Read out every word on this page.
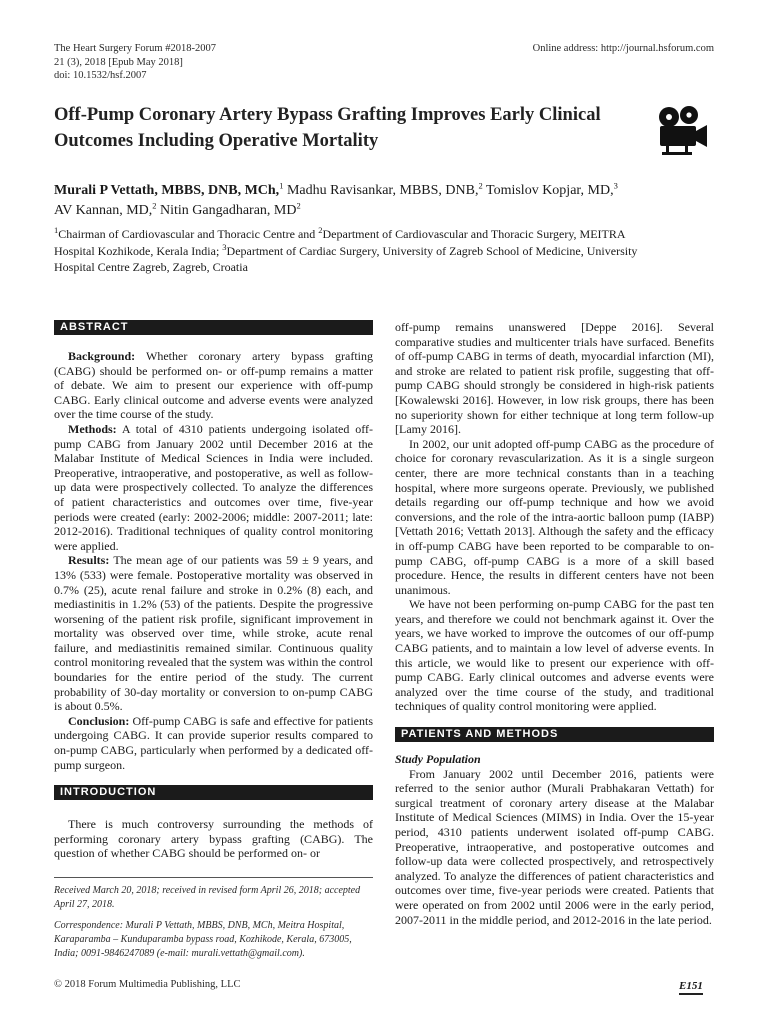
The Heart Surgery Forum #2018-2007
21 (3), 2018 [Epub May 2018]
doi: 10.1532/hsf.2007
Online address: http://journal.hsforum.com
Off-Pump Coronary Artery Bypass Grafting Improves Early Clinical
Outcomes Including Operative Mortality
Murali P Vettath, MBBS, DNB, MCh,$^1$ Madhu Ravisankar, MBBS, DNB,$^2$ Tomislov Kopjar, MD,$^3$
AV Kannan, MD,$^2$ Nitin Gangadharan, $MD^2$
$^1$Chairman of Cardiovascular and Thoracic Centre and $^2$Department of Cardiovascular and Thoracic Surgery, MEITRA
Hospital Kozhikode, Kerala India; $^3$Department of Cardiac Surgery, University of Zagreb School of Medicine, University
Hospital Centre Zagreb, Zagreb, Croatia
ABSTRACT

Background: Whether coronary artery bypass grafting (CABG) should be performed on- or off-pump remains a matter of debate. We aim to present our experience with off-pump CABG. Early clinical outcome and adverse events were analyzed over the time course of the study.

Methods: A total of 4310 patients undergoing isolated off- pump CABG from January 2002 until December 2016 at the Malabar Institute of Medical Sciences in India were included. Preoperative, intraoperative, and postoperative, as well as follow-up data were prospectively collected. To analyze the differences of patient characteristics and outcomes over time, five-year periods were created (early: 2002-2006; middle: 2007-2011; late: 2012-2016). Traditional techniques of quality control monitoring were applied.

Results: The mean age of our patients was 59 ± 9 years, and 13% (533) were female. Postoperative mortality was observed in 0.7% (25), acute renal failure and stroke in 0.2% (8) each, and mediastinitis in 1.2% (53) of the patients. Despite the progressive worsening of the patient risk profile, significant improvement in mortality was observed over time, while stroke, acute renal failure, and mediastinitis remained similar. Continuous quality control monitoring revealed that the system was within the control boundaries for the entire period of the study. The current probability of 30-day mortality or conversion to on-pump CABG is about 0.5%.

Conclusion: Off-pump CABG is safe and effective for patients undergoing CABG. It can provide superior results compared to on-pump CABG, particularly when performed by a dedicated off-pump surgeon.

INTRODUCTION

There is much controversy surrounding the methods of performing coronary artery bypass grafting (CABG). The question of whether CABG should be performed on- or

Received March 20, 2018; received in revised form April 26, 2018; accepted April 27, 2018.
Correspondence: Murali P Vettath, MBBS, DNB, MCh, Meitra Hospital, Karaparamba – Kunduparamba bypass road, Kozhikode, Kerala, 673005, India; 0091-9846247089 (e-mail: murali.vettath@gmail.com).

off-pump remains unanswered [Deppe 2016]. Several comparative studies and multicenter trials have surfaced. Benefits of off-pump CABG in terms of death, myocardial infarction (MI), and stroke are related to patient risk profile, suggesting that off-pump CABG should strongly be considered in high-risk patients [Kowalewski 2016]. However, in low risk groups, there has been no superiority shown for either technique at long term follow-up [Lamy 2016].

In 2002, our unit adopted off-pump CABG as the procedure of choice for coronary revascularization. As it is a single surgeon center, there are more technical constants than in a teaching hospital, where more surgeons operate. Previously, we published details regarding our off-pump technique and how we avoid conversions, and the role of the intra-aortic balloon pump (IABP) [Vettath 2016; Vettath 2013]. Although the safety and the efficacy in off-pump CABG have been reported to be comparable to on-pump CABG, off-pump CABG is a more of a skill based procedure. Hence, the results in different centers have not been unanimous.

We have not been performing on-pump CABG for the past ten years, and therefore we could not benchmark against it. Over the years, we have worked to improve the outcomes of our off-pump CABG patients, and to maintain a low level of adverse events. In this article, we would like to present our experience with off-pump CABG. Early clinical outcomes and adverse events were analyzed over the time course of the study, and traditional techniques of quality control monitoring were applied.

PATIENTS AND METHODS

Study Population

From January 2002 until December 2016, patients were referred to the senior author (Murali Prabhakaran Vettath) for surgical treatment of coronary artery disease at the Malabar Institute of Medical Sciences (MIMS) in India. Over the 15-year period, 4310 patients underwent isolated off-pump CABG. Preoperative, intraoperative, and postoperative outcomes and follow-up data were collected prospectively, and retrospectively analyzed. To analyze the differences of patient characteristics and outcomes over time, five-year periods were created. Patients that were operated on from 2002 until 2006 were in the early period, 2007-2011 in the middle period, and 2012-2016 in the late period.

© 2018 Forum Multimedia Publishing, LLC	E151
